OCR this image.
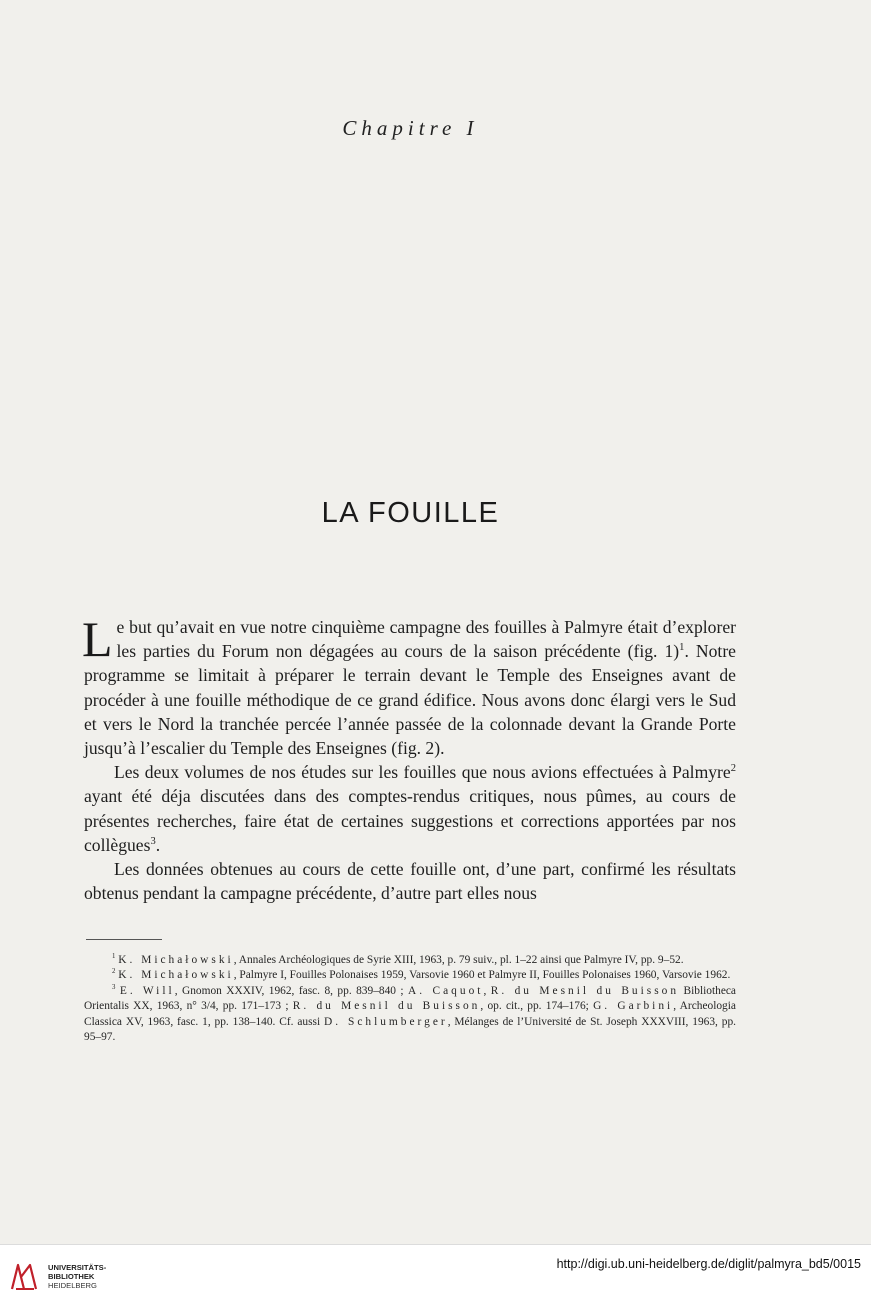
Chapitre I
LA FOUILLE

Le but qu’avait en vue notre cinquième campagne des fouilles à Palmyre était d’explorer les parties du Forum non dégagées au cours de la saison précédente (fig. 1)$^1$. Notre programme se limitait à préparer le terrain devant le Temple des Enseignes avant de procéder à une fouille méthodique de ce grand édifice. Nous avons donc élargi vers le Sud et vers le Nord la tranchée percée l’année passée de la colonnade devant la Grande Porte jusqu’à l’escalier du Temple des Enseignes (fig. 2).

Les deux volumes de nos études sur les fouilles que nous avions effectuées à Palmyre$^2$ ayant été déja discutées dans des comptes-rendus critiques, nous pûmes, au cours de présentes recherches, faire état de certaines suggestions et corrections apportées par nos collègues$^3$.

Les données obtenues au cours de cette fouille ont, d’une part, confirmé les résultats obtenus pendant la campagne précédente, d’autre part elles nous

$^1$ K. Michałowski, Annales Archéologiques de Syrie XIII, 1963, p. 79 suiv., pl. 1–22 ainsi que Palmyre IV, pp. 9–52.

$^2$ K. Michałowski, Palmyre I, Fouilles Polonaises 1959, Varsovie 1960 et Palmyre II, Fouilles Polonaises 1960, Varsovie 1962.

$^3$ E. Will, Gnomon XXXIV, 1962, fasc. 8, pp. 839–840 ; A. Caquot, R. du Mesnil du Buisson Bibliotheca Orientalis XX, 1963, n° 3/4, pp. 171–173 ; R. du Mesnil du Buisson, op. cit., pp. 174–176; G. Garbini, Archeologia Classica XV, 1963, fasc. 1, pp. 138–140. Cf. aussi D. Schlumberger, Mélanges de l’Université de St. Joseph XXXVIII, 1963, pp. 95–97.

UNIVERSITÄTS-
BIBLIOTHEK
HEIDELBERG
http://digi.ub.uni-heidelberg.de/diglit/palmyra_bd5/0015
